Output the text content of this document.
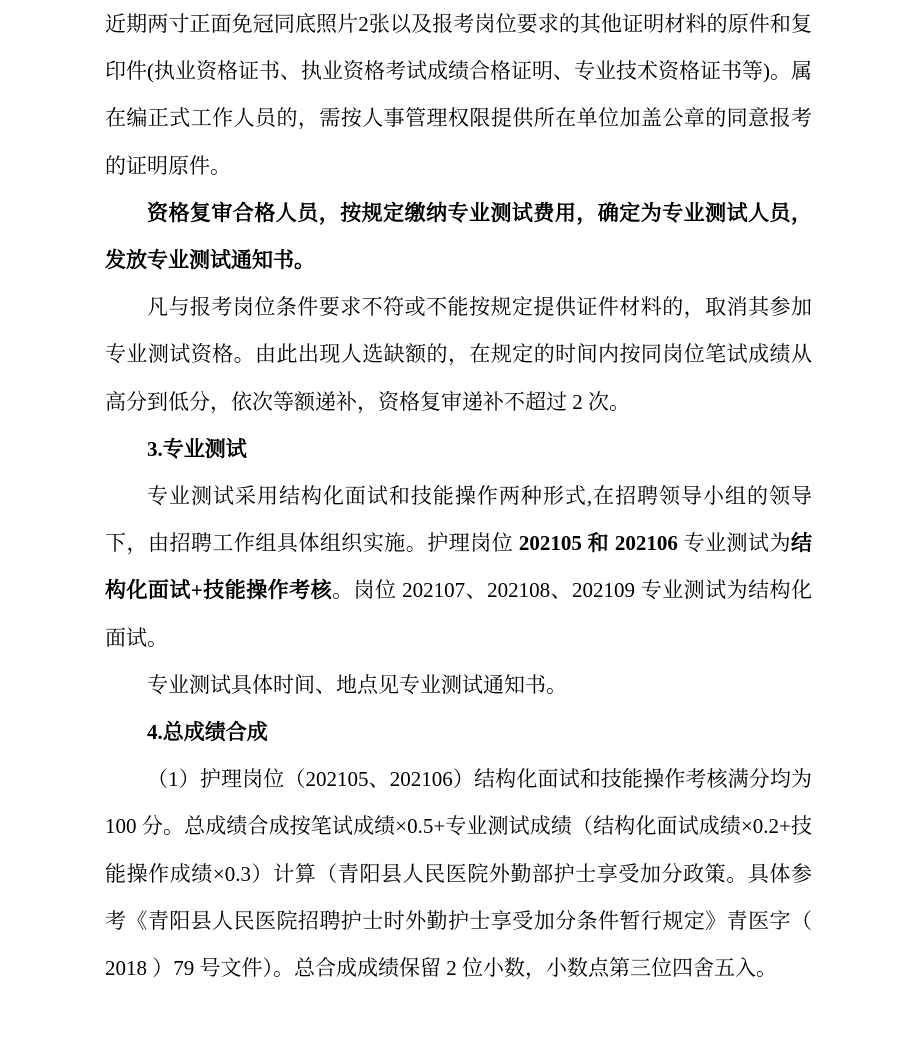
近期两寸正面免冠同底照片2张以及报考岗位要求的其他证明材料的原件和复印件(执业资格证书、执业资格考试成绩合格证明、专业技术资格证书等)。属在编正式工作人员的，需按人事管理权限提供所在单位加盖公章的同意报考的证明原件。

资格复审合格人员，按规定缴纳专业测试费用，确定为专业测试人员，发放专业测试通知书。

凡与报考岗位条件要求不符或不能按规定提供证件材料的，取消其参加专业测试资格。由此出现人选缺额的，在规定的时间内按同岗位笔试成绩从高分到低分，依次等额递补，资格复审递补不超过 2 次。

3.专业测试

专业测试采用结构化面试和技能操作两种形式,在招聘领导小组的领导下，由招聘工作组具体组织实施。护理岗位 202105 和 202106 专业测试为结构化面试+技能操作考核。岗位 202107、202108、202109 专业测试为结构化面试。

专业测试具体时间、地点见专业测试通知书。

4.总成绩合成

（1）护理岗位（202105、202106）结构化面试和技能操作考核满分均为 100 分。总成绩合成按笔试成绩×0.5+专业测试成绩（结构化面试成绩×0.2+技能操作成绩×0.3）计算（青阳县人民医院外勤部护士享受加分政策。具体参考《青阳县人民医院招聘护士时外勤护士享受加分条件暂行规定》青医字（ 2018 ）79 号文件）。总合成成绩保留 2 位小数，小数点第三位四舍五入。
